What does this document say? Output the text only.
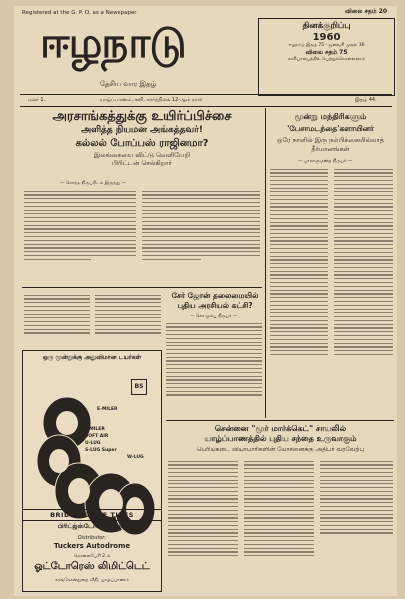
Registered at the G. P. O. as a Newspaper	விலை சதம் 20
ஈழநாடு
தேசிய வார இதழ்
தினக்குறிப்பு
1960
ஈழநாடு இதழ் 75 - ஜனவரி முதல் 36
விலை சதம் 75
காரியாலயத்தில் பெற்றுக்கொள்ளலாம்
மலர் 1.	யாழ்ப்பாணம், சனி, கார்த்திகை 12-ஆம் நாள்	இதழ் 44.
அரசாங்கத்துக்கு உயிர்ப்பிச்சை
அளித்த நியமன அங்கத்தவர்!
கல்லல் போப்பஸ் ராஜினமா?
இலங்கையை விட்டு வெளியேறி
பிரிட்டன் செல்கிறார்
— சொந்த நிருபரிடம் இருந்து —
மூன்று மந்திரிகளும்
'பேசாமடந்தை'களாயினர்
ஒரே நாளில் இரு நம்பிக்கையில்லாத் தீர்மானங்கள்
— பாராளுமன்ற நிருபர் —
சேர் ஜோன் தலைமையில்
புதிய அரசியல் கட்சி?
— கொழும்பு நிருபர் —
சென்னை "மூர் மார்க்கெட்" சாயலில்
யாழ்ப்பாணத்தில் புதிய சந்தை உருவாகும்
பெரியகடை வியாபாரிகளின் யோசனைக்கு அதிபர் வரவேற்பு
ஒரு மூன்றுக்கு அதுவிமான டயர்கள்
BS
E-MILER
T-MILER
SOFT AIR
U-LUG
S-LUG Super
W-LUG
BRIDGESTONE TIRES
பிரிட்ஜ்ஸ்டோன் டயர்கள்
Distributor:
Tuckers Autodrome
தொலைபேசி 2 ம்
ஓட்டோரெஸ் லிமிட்டெட்
காங்கேசன்துறை வீதி, யாழ்ப்பாணம்
